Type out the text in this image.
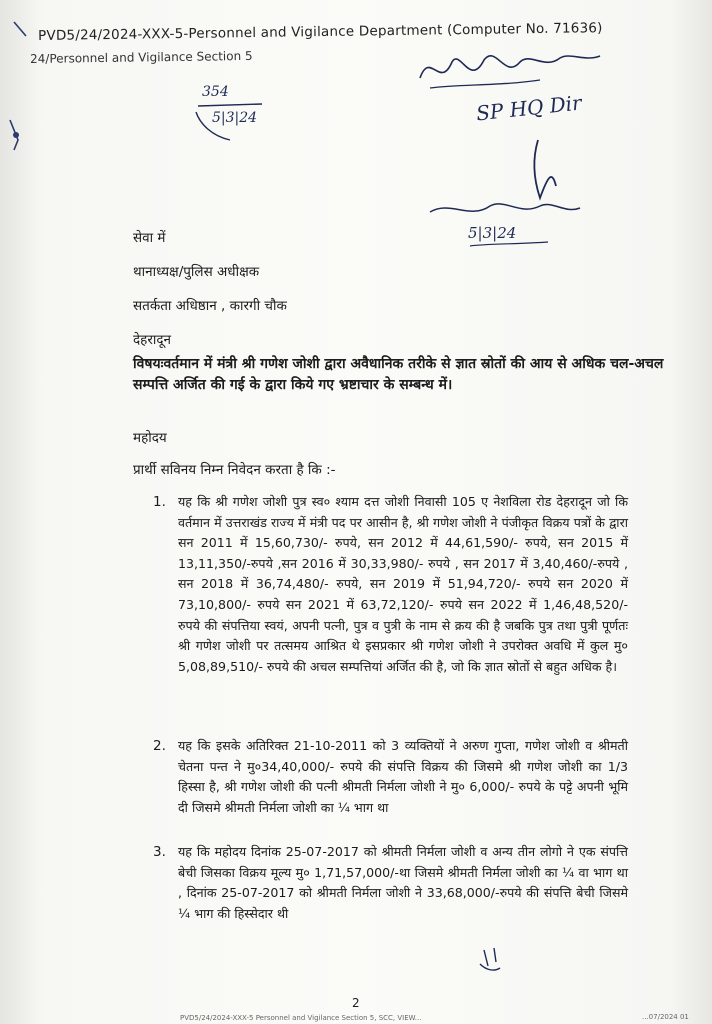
PVD5/24/2024-XXX-5-Personnel and Vigilance Department (Computer No. 71636)
24/Personnel and Vigilance Section 5
354
5|3|24	SP HQ Dir
5|3|24
सेवा में
थानाध्यक्ष/पुलिस अधीक्षक
सतर्कता अधिष्ठान , कारगी चौक
देहरादून
विषयःवर्तमान में मंत्री श्री गणेश जोशी द्वारा अवैधानिक तरीके से ज्ञात स्रोतों की आय से अधिक चल-अचल सम्पत्ति अर्जित की गई के द्वारा किये गए भ्रष्टाचार के सम्बन्ध में।
महोदय
प्रार्थी सविनय निम्न निवेदन करता है कि :-
1. यह कि श्री गणेश जोशी पुत्र स्व० श्याम दत्त जोशी निवासी 105 ए नेशविला रोड देहरादून जो कि वर्तमान में उत्तराखंड राज्य में मंत्री पद पर आसीन है, श्री गणेश जोशी ने पंजीकृत विक्रय पत्रों के द्वारा सन 2011 में 15,60,730/- रुपये, सन 2012 में 44,61,590/- रुपये, सन 2015 में 13,11,350/-रुपये ,सन 2016 में 30,33,980/- रुपये , सन 2017 में 3,40,460/-रुपये , सन 2018 में 36,74,480/- रुपये, सन 2019 में 51,94,720/- रुपये सन 2020 में 73,10,800/- रुपये सन 2021 में 63,72,120/- रुपये सन 2022 में 1,46,48,520/- रुपये की संपत्तिया स्वयं, अपनी पत्नी, पुत्र व पुत्री के नाम से क्रय की है जबकि पुत्र तथा पुत्री पूर्णतः श्री गणेश जोशी पर तत्समय आश्रित थे इसप्रकार श्री गणेश जोशी ने उपरोक्त अवधि में कुल मु० 5,08,89,510/- रुपये की अचल सम्पत्तियां अर्जित की है, जो कि ज्ञात स्रोतों से बहुत अधिक है।
2. यह कि इसके अतिरिक्त 21-10-2011 को 3 व्यक्तियों ने अरुण गुप्ता, गणेश जोशी व श्रीमती चेतना पन्त ने मु०34,40,000/- रुपये की संपत्ति विक्रय की जिसमे श्री गणेश जोशी का 1/3 हिस्सा है, श्री गणेश जोशी की पत्नी श्रीमती निर्मला जोशी ने मु० 6,000/- रुपये के पट्टे अपनी भूमि दी जिसमे श्रीमती निर्मला जोशी का ¼ भाग था
3. यह कि महोदय दिनांक 25-07-2017 को श्रीमती निर्मला जोशी व अन्य तीन लोगो ने एक संपत्ति बेची जिसका विक्रय मूल्य मु० 1,71,57,000/-था जिसमे श्रीमती निर्मला जोशी का ¼ वा भाग था , दिनांक 25-07-2017 को श्रीमती निर्मला जोशी ने 33,68,000/-रुपये की संपत्ति बेची जिसमे ¼ भाग की हिस्सेदार थी
2
PVD5/24/2024-XXX-5 Personnel and Vigilance Section 5, SCC, VIEW...	...07/2024 01
